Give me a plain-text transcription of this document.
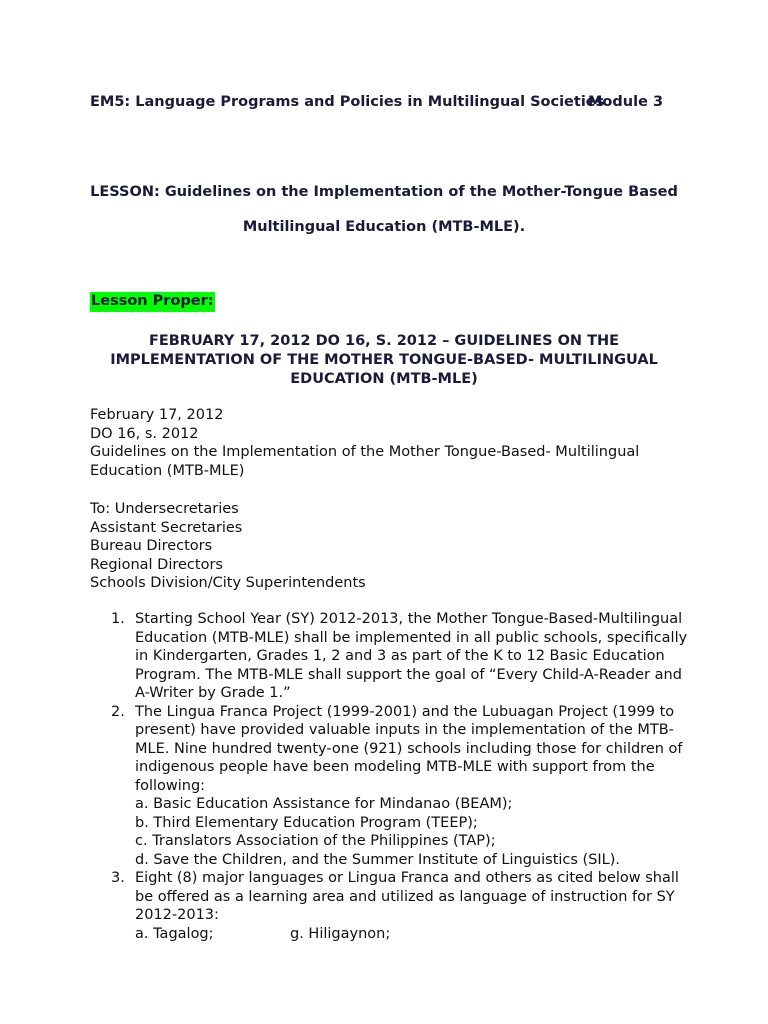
EM5: Language Programs and Policies in Multilingual Societies
Module 3
LESSON: Guidelines on the Implementation of the Mother-Tongue Based
Multilingual Education (MTB-MLE).
Lesson Proper:
FEBRUARY 17, 2012 DO 16, S. 2012 – GUIDELINES ON THE
IMPLEMENTATION OF THE MOTHER TONGUE-BASED- MULTILINGUAL
EDUCATION (MTB-MLE)
February 17, 2012
DO 16, s. 2012
Guidelines on the Implementation of the Mother Tongue-Based- Multilingual Education (MTB-MLE)
To: Undersecretaries
Assistant Secretaries
Bureau Directors
Regional Directors
Schools Division/City Superintendents
1. Starting School Year (SY) 2012-2013, the Mother Tongue-Based-Multilingual Education (MTB-MLE) shall be implemented in all public schools, specifically in Kindergarten, Grades 1, 2 and 3 as part of the K to 12 Basic Education Program. The MTB-MLE shall support the goal of “Every Child-A-Reader and A-Writer by Grade 1.”
2. The Lingua Franca Project (1999-2001) and the Lubuagan Project (1999 to present) have provided valuable inputs in the implementation of the MTB-MLE. Nine hundred twenty-one (921) schools including those for children of indigenous people have been modeling MTB-MLE with support from the following:
a. Basic Education Assistance for Mindanao (BEAM);
b. Third Elementary Education Program (TEEP);
c. Translators Association of the Philippines (TAP);
d. Save the Children, and the Summer Institute of Linguistics (SIL).
3. Eight (8) major languages or Lingua Franca and others as cited below shall be offered as a learning area and utilized as language of instruction for SY 2012-2013:
a. Tagalog;	g. Hiligaynon;
